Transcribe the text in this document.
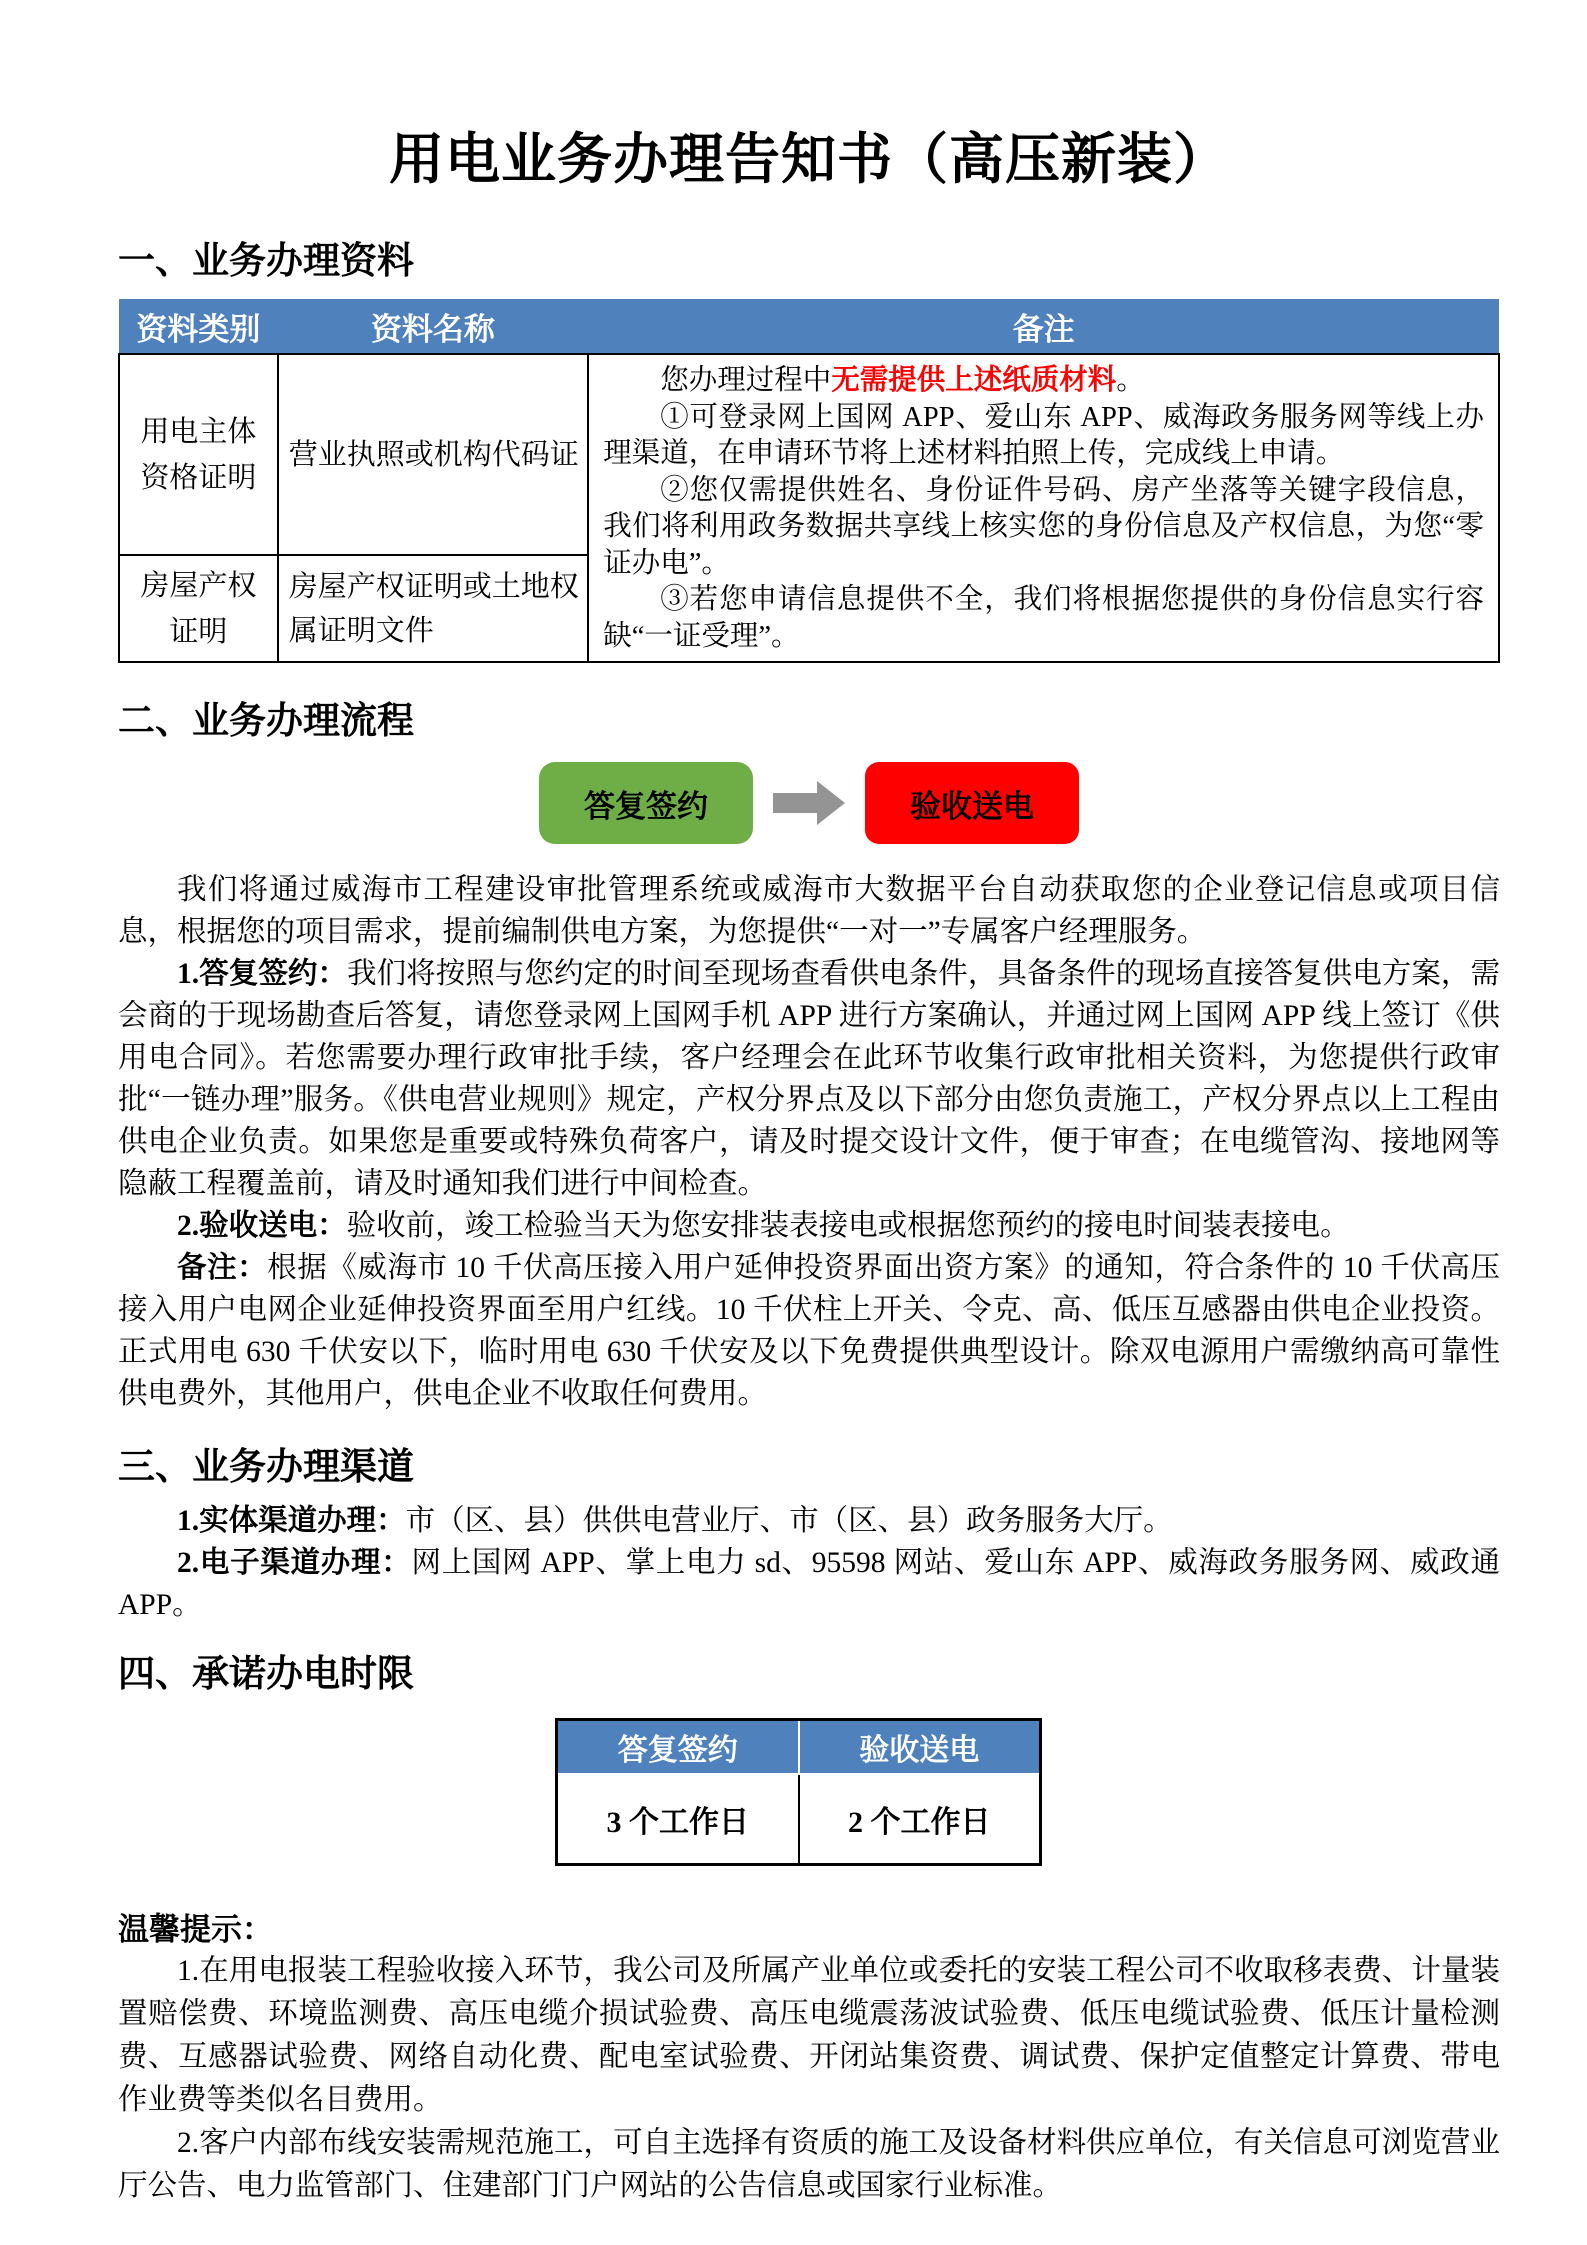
用电业务办理告知书（高压新装）
一、业务办理资料
资料类别	资料名称	备注
用电主体资格证明	营业执照或机构代码证	您办理过程中无需提供上述纸质材料。

①可登录网上国网 APP、爱山东 APP、威海政务服务网等线上办理渠道，在申请环节将上述材料拍照上传，完成线上申请。

②您仅需提供姓名、身份证件号码、房产坐落等关键字段信息，我们将利用政务数据共享线上核实您的身份信息及产权信息，为您“零证办电”。

③若您申请信息提供不全，我们将根据您提供的身份信息实行容缺“一证受理”。

房屋产权证明	房屋产权证明或土地权属证明文件	
二、业务办理流程
答复签约	验收送电

我们将通过威海市工程建设审批管理系统或威海市大数据平台自动获取您的企业登记信息或项目信息，根据您的项目需求，提前编制供电方案，为您提供“一对一”专属客户经理服务。

1.答复签约：我们将按照与您约定的时间至现场查看供电条件，具备条件的现场直接答复供电方案，需会商的于现场勘查后答复，请您登录网上国网手机 APP 进行方案确认，并通过网上国网 APP 线上签订《供用电合同》。若您需要办理行政审批手续，客户经理会在此环节收集行政审批相关资料，为您提供行政审批“一链办理”服务。《供电营业规则》规定，产权分界点及以下部分由您负责施工，产权分界点以上工程由供电企业负责。如果您是重要或特殊负荷客户，请及时提交设计文件，便于审查；在电缆管沟、接地网等隐蔽工程覆盖前，请及时通知我们进行中间检查。

2.验收送电：验收前，竣工检验当天为您安排装表接电或根据您预约的接电时间装表接电。

备注：根据《威海市 10 千伏高压接入用户延伸投资界面出资方案》的通知，符合条件的 10 千伏高压接入用户电网企业延伸投资界面至用户红线。10 千伏柱上开关、令克、高、低压互感器由供电企业投资。正式用电 630 千伏安以下，临时用电 630 千伏安及以下免费提供典型设计。除双电源用户需缴纳高可靠性供电费外，其他用户，供电企业不收取任何费用。

三、业务办理渠道

1.实体渠道办理：市（区、县）供供电营业厅、市（区、县）政务服务大厅。

2.电子渠道办理：网上国网 APP、掌上电力 sd、95598 网站、爱山东 APP、威海政务服务网、威政通 APP。

四、承诺办电时限
答复签约	验收送电
3 个工作日	2 个工作日
温馨提示：

1.在用电报装工程验收接入环节，我公司及所属产业单位或委托的安装工程公司不收取移表费、计量装置赔偿费、环境监测费、高压电缆介损试验费、高压电缆震荡波试验费、低压电缆试验费、低压计量检测费、互感器试验费、网络自动化费、配电室试验费、开闭站集资费、调试费、保护定值整定计算费、带电作业费等类似名目费用。

2.客户内部布线安装需规范施工，可自主选择有资质的施工及设备材料供应单位，有关信息可浏览营业厅公告、电力监管部门、住建部门门户网站的公告信息或国家行业标准。
